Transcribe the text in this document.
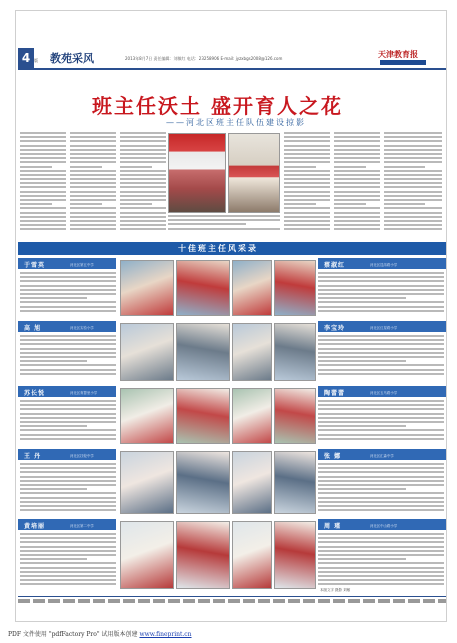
4 版 教苑采风	2013年8月7日 责任编辑：刘敏红 电话：23258906 E-mail: jyzxbgs2008@126.com	天津教育报
班主任沃土 盛开育人之花
——河北区班主任队伍建设掠影
十佳班主任风采录
于雪英	河北区第五中学	蔡淑红	河北区昆纬路小学
高 旭	河北区实验小学	李宝玲	河北区红星路小学
苏长悦	河北区育婴里小学	陶蕾蕾	河北区五马路小学
王 丹	河北区扶轮中学	张 娜	河北区汇森中学
黄培丽	河北区第二中学	周 瑾	河北区中山路小学
本版文字 摄影 刘敏
PDF 文件使用 "pdfFactory Pro" 试用版本创建 www.fineprint.cn
